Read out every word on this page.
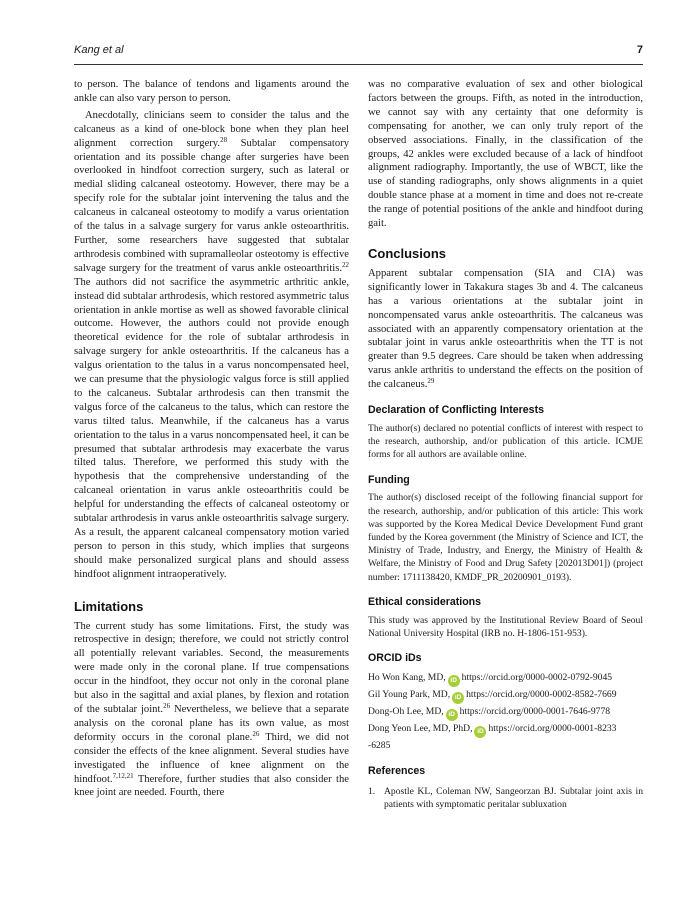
Kang et al	7

to person. The balance of tendons and ligaments around the ankle can also vary person to person.

Anecdotally, clinicians seem to consider the talus and the calcaneus as a kind of one-block bone when they plan heel alignment correction surgery.$^{28}$ Subtalar compensatory orientation and its possible change after surgeries have been overlooked in hindfoot correction surgery, such as lateral or medial sliding calcaneal osteotomy. However, there may be a specify role for the subtalar joint intervening the talus and the calcaneus in calcaneal osteotomy to modify a varus orientation of the talus in a salvage surgery for varus ankle osteoarthritis. Further, some researchers have suggested that subtalar arthrodesis combined with supramalleolar osteotomy is effective salvage surgery for the treatment of varus ankle osteoarthritis.$^{22}$ The authors did not sacrifice the asymmetric arthritic ankle, instead did subtalar arthrodesis, which restored asymmetric talus orientation in ankle mortise as well as showed favorable clinical outcome. However, the authors could not provide enough theoretical evidence for the role of subtalar arthrodesis in salvage surgery for ankle osteoarthritis. If the calcaneus has a valgus orientation to the talus in a varus noncompensated heel, we can presume that the physiologic valgus force is still applied to the calcaneus. Subtalar arthrodesis can then transmit the valgus force of the calcaneus to the talus, which can restore the varus tilted talus. Meanwhile, if the calcaneus has a varus orientation to the talus in a varus noncompensated heel, it can be presumed that subtalar arthrodesis may exacerbate the varus tilted talus. Therefore, we performed this study with the hypothesis that the comprehensive understanding of the calcaneal orientation in varus ankle osteoarthritis could be helpful for understanding the effects of calcaneal osteotomy or subtalar arthrodesis in varus ankle osteoarthritis salvage surgery. As a result, the apparent calcaneal compensatory motion varied person to person in this study, which implies that surgeons should make personalized surgical plans and should assess hindfoot alignment intraoperatively.

Limitations

The current study has some limitations. First, the study was retrospective in design; therefore, we could not strictly control all potentially relevant variables. Second, the measurements were made only in the coronal plane. If true compensations occur in the hindfoot, they occur not only in the coronal plane but also in the sagittal and axial planes, by flexion and rotation of the subtalar joint.$^{26}$ Nevertheless, we believe that a separate analysis on the coronal plane has its own value, as most deformity occurs in the coronal plane.$^{26}$ Third, we did not consider the effects of the knee alignment. Several studies have investigated the influence of knee alignment on the hindfoot.$^{7,12,21}$ Therefore, further studies that also consider the knee joint are needed. Fourth, there

was no comparative evaluation of sex and other biological factors between the groups. Fifth, as noted in the introduction, we cannot say with any certainty that one deformity is compensating for another, we can only truly report of the observed associations. Finally, in the classification of the groups, 42 ankles were excluded because of a lack of hindfoot alignment radiography. Importantly, the use of WBCT, like the use of standing radiographs, only shows alignments in a quiet double stance phase at a moment in time and does not re-create the range of potential positions of the ankle and hindfoot during gait.

Conclusions

Apparent subtalar compensation (SIA and CIA) was significantly lower in Takakura stages 3b and 4. The calcaneus has a various orientations at the subtalar joint in noncompensated varus ankle osteoarthritis. The calcaneus was associated with an apparently compensatory orientation at the subtalar joint in varus ankle osteoarthritis when the TT is not greater than 9.5 degrees. Care should be taken when addressing varus ankle arthritis to understand the effects on the position of the calcaneus.$^{29}$

Declaration of Conflicting Interests

The author(s) declared no potential conflicts of interest with respect to the research, authorship, and/or publication of this article. ICMJE forms for all authors are available online.

Funding

The author(s) disclosed receipt of the following financial support for the research, authorship, and/or publication of this article: This work was supported by the Korea Medical Device Development Fund grant funded by the Korea government (the Ministry of Science and ICT, the Ministry of Trade, Industry, and Energy, the Ministry of Health & Welfare, the Ministry of Food and Drug Safety [202013D01]) (project number: 1711138420, KMDF_PR_20200901_0193).

Ethical considerations

This study was approved by the Institutional Review Board of Seoul National University Hospital (IRB no. H-1806-151-953).

ORCID iDs
Ho Won Kang, MD, iD https://orcid.org/0000-0002-0792-9045
Gil Young Park, MD, iD https://orcid.org/0000-0002-8582-7669
Dong-Oh Lee, MD, iD https://orcid.org/0000-0001-7646-9778
Dong Yeon Lee, MD, PhD, iD https://orcid.org/0000-0001-8233
-6285
References
1. Apostle KL, Coleman NW, Sangeorzan BJ. Subtalar joint axis in patients with symptomatic peritalar subluxation
